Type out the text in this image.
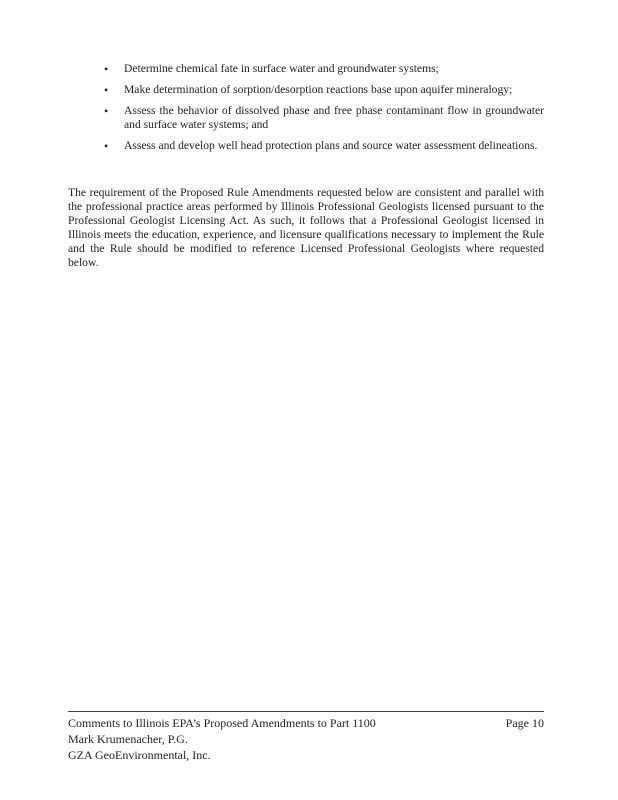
• Determine chemical fate in surface water and groundwater systems;
• Make determination of sorption/desorption reactions base upon aquifer mineralogy;
• Assess the behavior of dissolved phase and free phase contaminant flow in groundwater and surface water systems; and
• Assess and develop well head protection plans and source water assessment delineations.

The requirement of the Proposed Rule Amendments requested below are consistent and parallel with the professional practice areas performed by Illinois Professional Geologists licensed pursuant to the Professional Geologist Licensing Act. As such, it follows that a Professional Geologist licensed in Illinois meets the education, experience, and licensure qualifications necessary to implement the Rule and the Rule should be modified to reference Licensed Professional Geologists where requested below.

Comments to Illinois EPA’s Proposed Amendments to Part 1100	Page 10
Mark Krumenacher, P.G.
GZA GeoEnvironmental, Inc.
